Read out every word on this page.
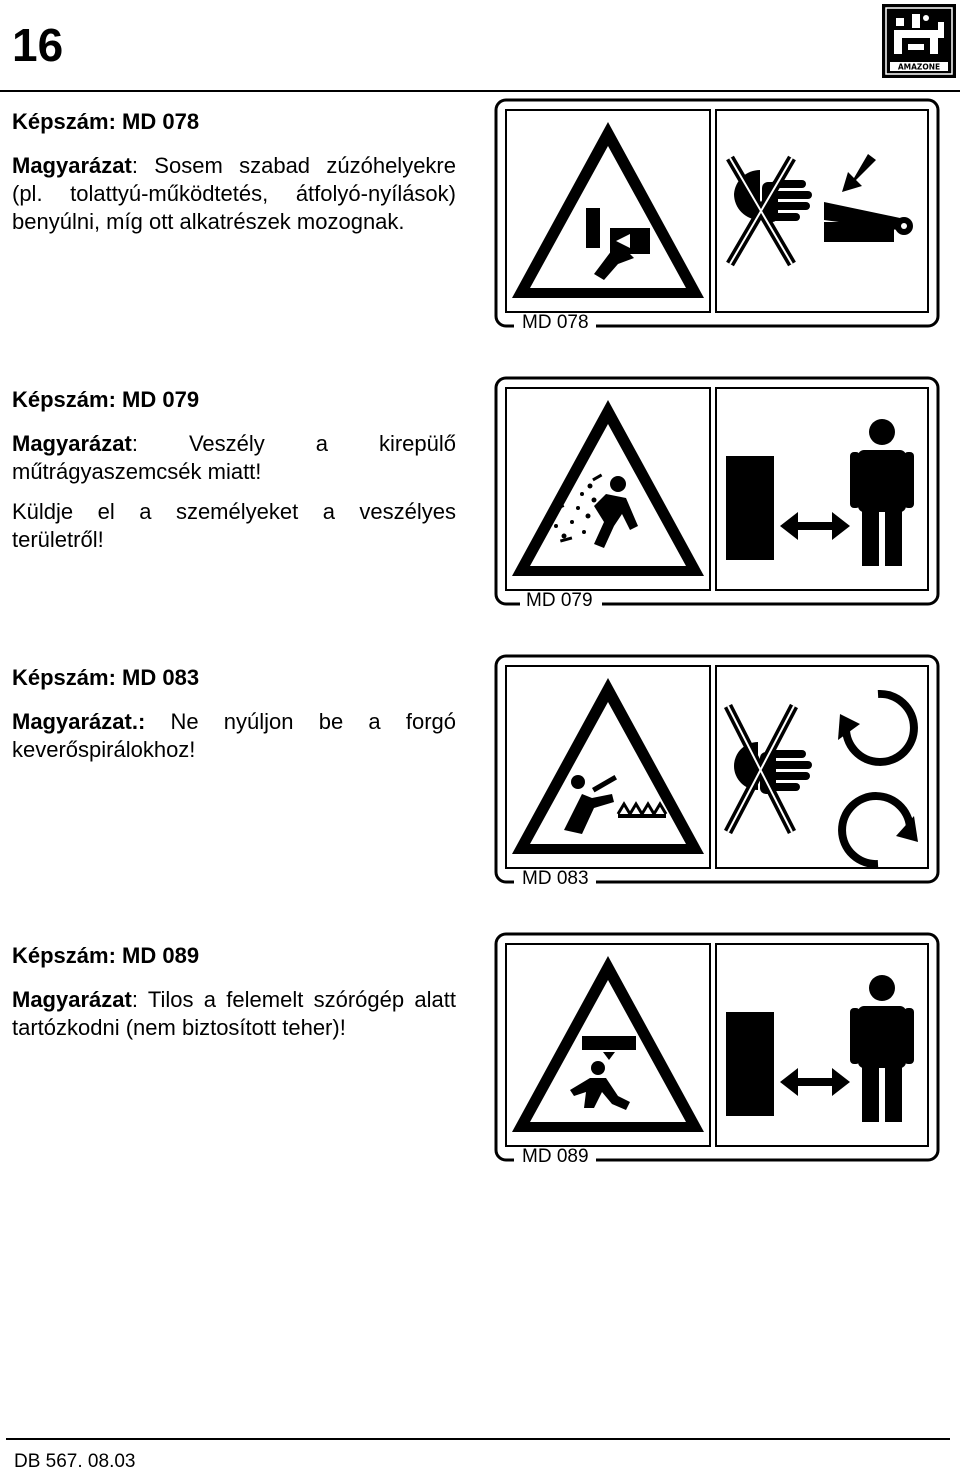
16	AMAZONE
Képszám: MD 078

Magyarázat: Sosem szabad zúzóhelyekre (pl. tolattyú-működtetés, átfolyó-nyílások) benyúlni, míg ott alkatrészek mozognak.

MD 078
Képszám: MD 079

Magyarázat: Veszély a kirepülő műtrágyaszemcsék miatt!

Küldje el a személyeket a veszélyes területről!

MD 079
Képszám: MD 083

Magyarázat.: Ne nyúljon be a forgó keverőspirálokhoz!

MD 083
Képszám: MD 089

Magyarázat: Tilos a felemelt szórógép alatt tartózkodni (nem biztosított teher)!

MD 089

DB 567. 08.03
